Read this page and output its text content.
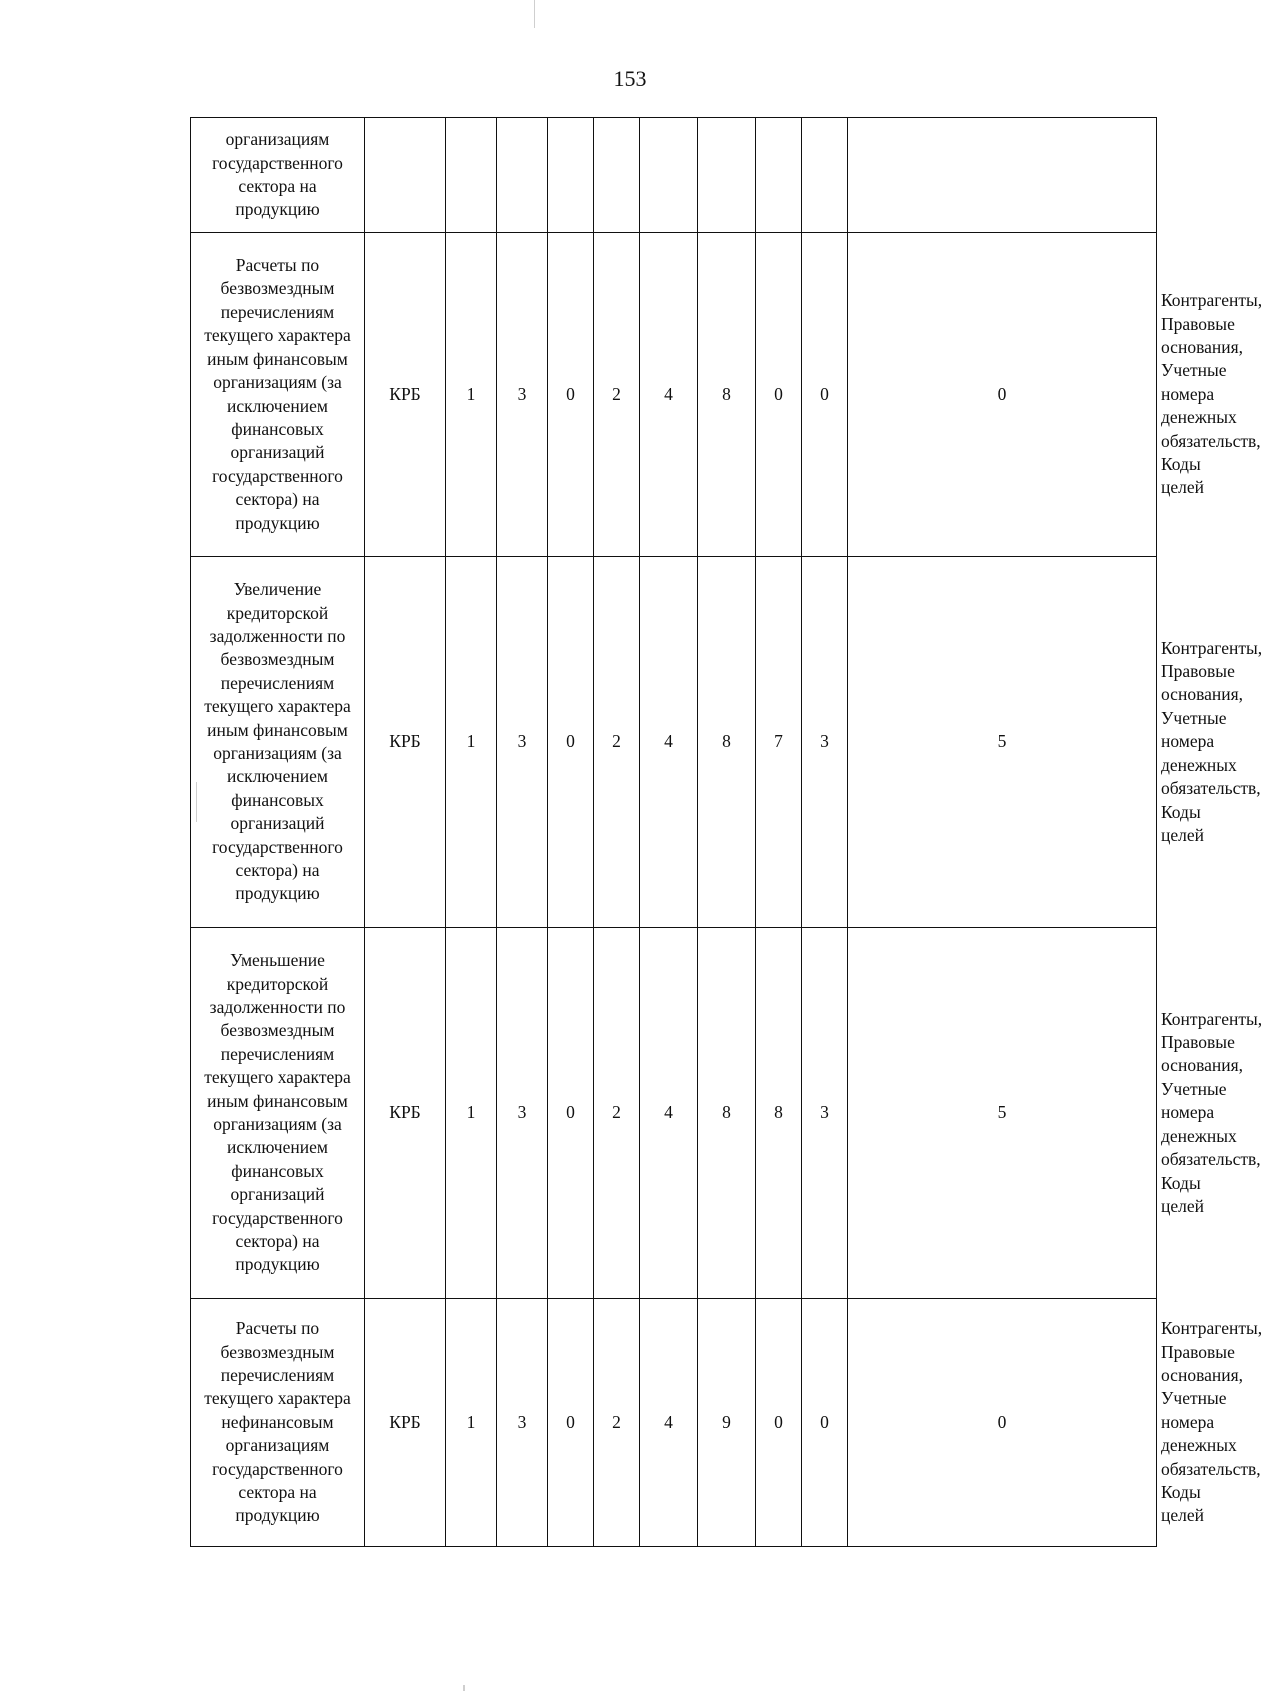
153
организациям государственного сектора на продукцию											
Расчеты по безвозмездным перечислениям текущего характера иным финансовым организациям (за исключением финансовых организаций государственного сектора) на продукцию	КРБ	1	3	0	2	4	8	0	0	0	Контрагенты, Правовые основания, Учетные номера денежных обязательств, Коды целей
Увеличение кредиторской задолженности по безвозмездным перечислениям текущего характера иным финансовым организациям (за исключением финансовых организаций государственного сектора) на продукцию	КРБ	1	3	0	2	4	8	7	3	5	Контрагенты, Правовые основания, Учетные номера денежных обязательств, Коды целей
Уменьшение кредиторской задолженности по безвозмездным перечислениям текущего характера иным финансовым организациям (за исключением финансовых организаций государственного сектора) на продукцию	КРБ	1	3	0	2	4	8	8	3	5	Контрагенты, Правовые основания, Учетные номера денежных обязательств, Коды целей
Расчеты по безвозмездным перечислениям текущего характера нефинансовым организациям государственного сектора на продукцию	КРБ	1	3	0	2	4	9	0	0	0	Контрагенты, Правовые основания, Учетные номера денежных обязательств, Коды целей
